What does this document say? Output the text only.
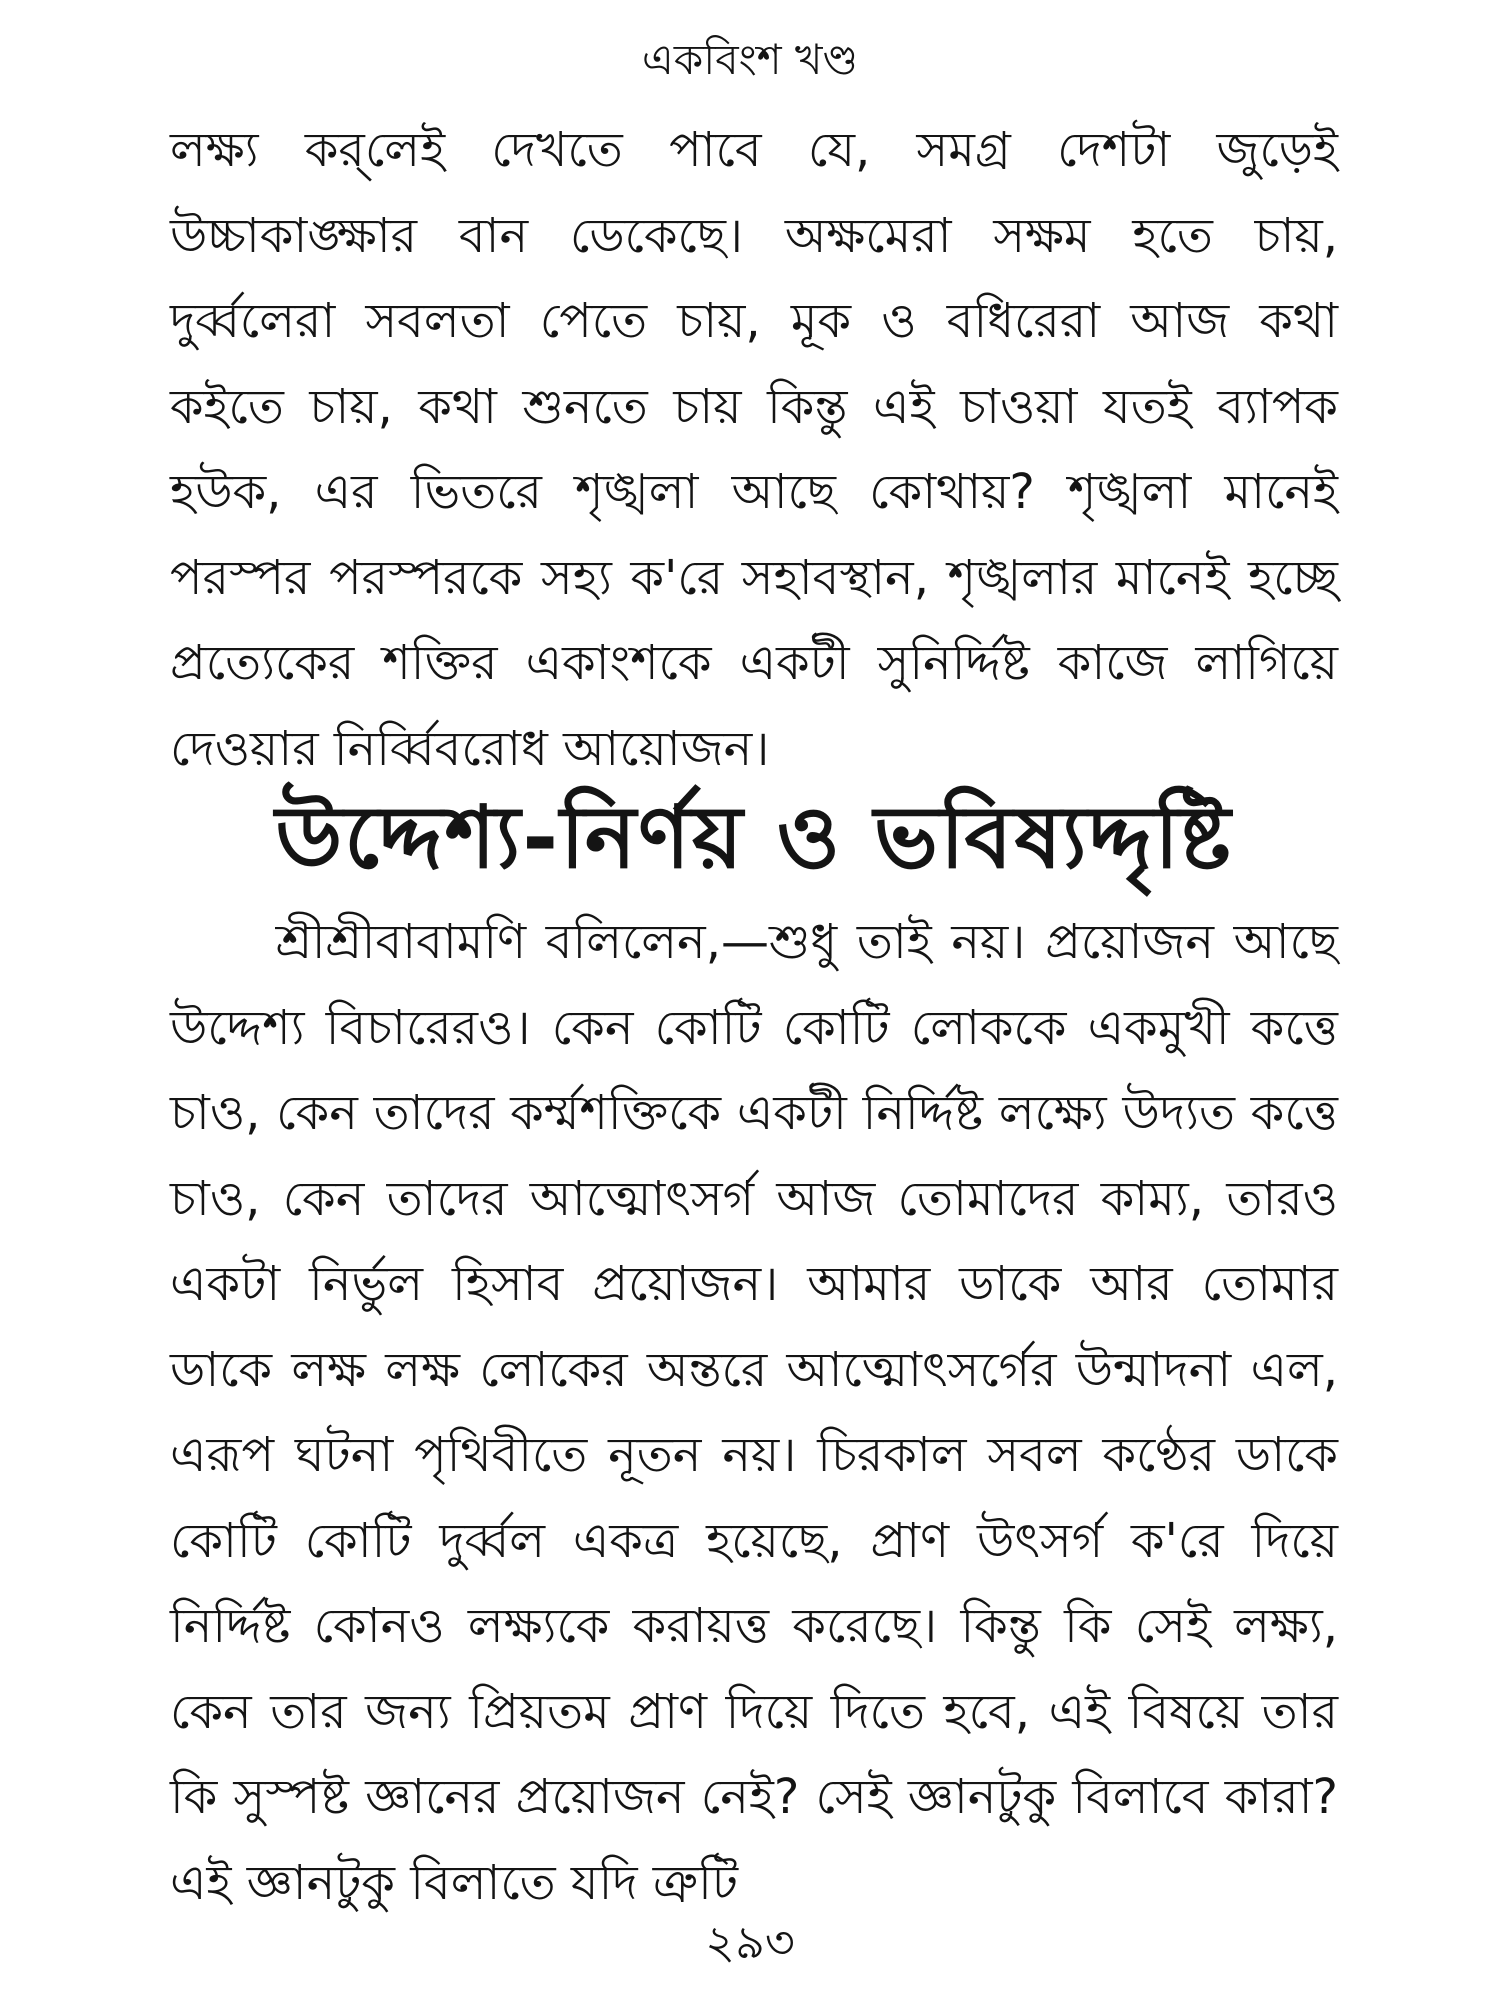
একবিংশ খণ্ড

লক্ষ্য কর্‌লেই দেখতে পাবে যে, সমগ্র দেশটা জুড়েই উচ্চাকাঙ্ক্ষার বান ডেকেছে। অক্ষমেরা সক্ষম হতে চায়, দুর্ব্বলেরা সবলতা পেতে চায়, মূক ও বধিরেরা আজ কথা কইতে চায়, কথা শুনতে চায় কিন্তু এই চাওয়া যতই ব্যাপক হউক, এর ভিতরে শৃঙ্খলা আছে কোথায়? শৃঙ্খলা মানেই পরস্পর পরস্পরকে সহ্য ক'রে সহাবস্থান, শৃঙ্খলার মানেই হচ্ছে প্রত্যেকের শক্তির একাংশকে একটী সুনির্দ্দিষ্ট কাজে লাগিয়ে দেওয়ার নির্ব্বিবরোধ আয়োজন।

উদ্দেশ্য-নির্ণয় ও ভবিষ্যদ্দৃষ্টি

শ্রীশ্রীবাবামণি বলিলেন,—শুধু তাই নয়। প্রয়োজন আছে উদ্দেশ্য বিচারেরও। কেন কোটি কোটি লোককে একমুখী কত্তে চাও, কেন তাদের কর্ম্মশক্তিকে একটী নির্দ্দিষ্ট লক্ষ্যে উদ্যত কত্তে চাও, কেন তাদের আত্মোৎসর্গ আজ তোমাদের কাম্য, তারও একটা নির্ভুল হিসাব প্রয়োজন। আমার ডাকে আর তোমার ডাকে লক্ষ লক্ষ লোকের অন্তরে আত্মোৎসর্গের উন্মাদনা এল, এরূপ ঘটনা পৃথিবীতে নূতন নয়। চিরকাল সবল কণ্ঠের ডাকে কোটি কোটি দুর্ব্বল একত্র হয়েছে, প্রাণ উৎসর্গ ক'রে দিয়ে নির্দ্দিষ্ট কোনও লক্ষ্যকে করায়ত্ত করেছে। কিন্তু কি সেই লক্ষ্য, কেন তার জন্য প্রিয়তম প্রাণ দিয়ে দিতে হবে, এই বিষয়ে তার কি সুস্পষ্ট জ্ঞানের প্রয়োজন নেই? সেই জ্ঞানটুকু বিলাবে কারা? এই জ্ঞানটুকু বিলাতে যদি ত্রুটি

২৯৩
